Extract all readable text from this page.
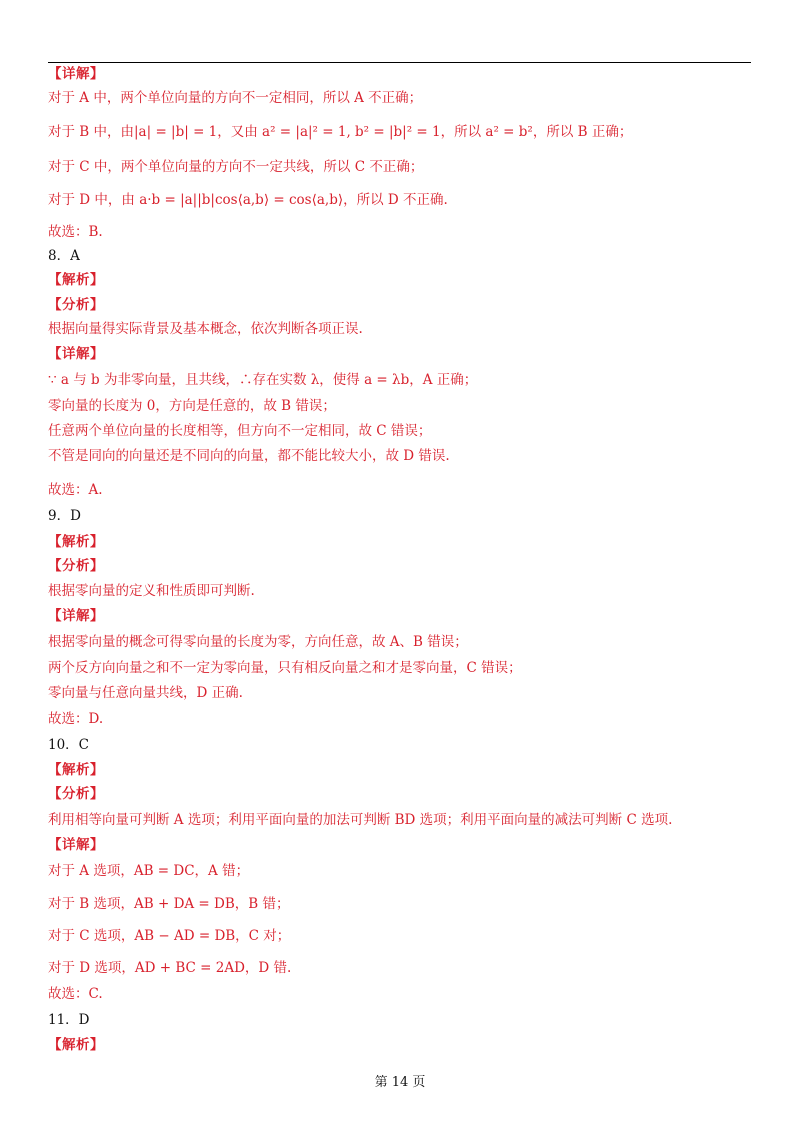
【详解】
对于 A 中，两个单位向量的方向不一定相同，所以 A 不正确；
对于 B 中，由|a| = |b| = 1，又由 a² = |a|² = 1, b² = |b|² = 1，所以 a² = b²，所以 B 正确；
对于 C 中，两个单位向量的方向不一定共线，所以 C 不正确；
对于 D 中，由 a·b = |a||b|cos⟨a,b⟩ = cos⟨a,b⟩，所以 D 不正确.
故选：B.
8．A
【解析】
【分析】
根据向量得实际背景及基本概念，依次判断各项正误.
【详解】
∵ a 与 b 为非零向量，且共线，∴存在实数 λ，使得 a = λb，A 正确；
零向量的长度为 0，方向是任意的，故 B 错误；
任意两个单位向量的长度相等，但方向不一定相同，故 C 错误；
不管是同向的向量还是不同向的向量，都不能比较大小，故 D 错误.
故选：A.
9．D
【解析】
【分析】
根据零向量的定义和性质即可判断.
【详解】
根据零向量的概念可得零向量的长度为零，方向任意，故 A、B 错误；
两个反方向向量之和不一定为零向量，只有相反向量之和才是零向量，C 错误；
零向量与任意向量共线，D 正确.
故选：D.
10．C
【解析】
【分析】
利用相等向量可判断 A 选项；利用平面向量的加法可判断 BD 选项；利用平面向量的减法可判断 C 选项.
【详解】
对于 A 选项，AB = DC，A 错；
对于 B 选项，AB + DA = DB，B 错；
对于 C 选项，AB − AD = DB，C 对；
对于 D 选项，AD + BC = 2AD，D 错.
故选：C.
11．D
【解析】
第 14 页
